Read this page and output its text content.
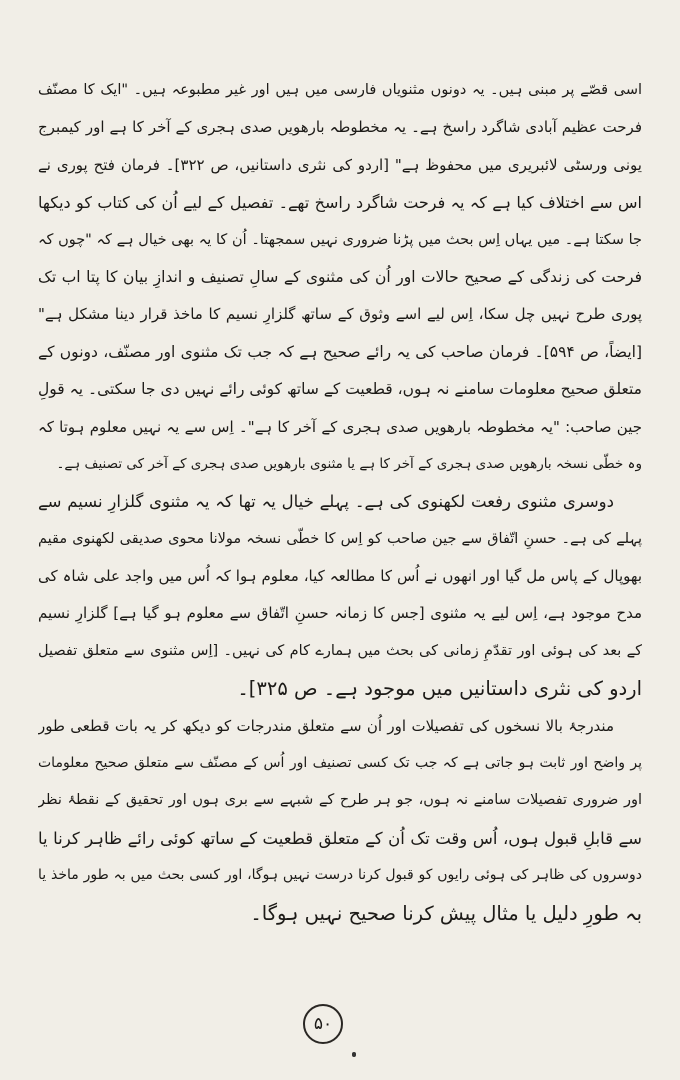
اسی قصّے پر مبنی ہیں۔ یہ دونوں مثنویاں فارسی میں ہیں اور غیر مطبوعہ ہیں۔ "ایک کا مصنّف
فرحت عظیم آبادی شاگرد راسخ ہے۔ یہ مخطوطہ بارھویں صدی ہجری کے آخر کا ہے اور کیمبرج
یونی ورسٹی لائبریری میں محفوظ ہے" [اردو کی نثری داستانیں، ص ۳۲۲]۔ فرمان فتح پوری نے
اس سے اختلاف کیا ہے کہ یہ فرحت شاگرد راسخ تھے۔ تفصیل کے لیے اُن کی کتاب کو دیکھا
جا سکتا ہے۔ میں یہاں اِس بحث میں پڑنا ضروری نہیں سمجھتا۔ اُن کا یہ بھی خیال ہے کہ "چوں کہ
فرحت کی زندگی کے صحیح حالات اور اُن کی مثنوی کے سالِ تصنیف و اندازِ بیان کا پتا اب تک
پوری طرح نہیں چل سکا، اِس لیے اسے وثوق کے ساتھ گلزارِ نسیم کا ماخذ قرار دینا مشکل ہے"
[ایضاً، ص ۵۹۴]۔ فرمان صاحب کی یہ رائے صحیح ہے کہ جب تک مثنوی اور مصنّف، دونوں کے
متعلق صحیح معلومات سامنے نہ ہوں، قطعیت کے ساتھ کوئی رائے نہیں دی جا سکتی۔ یہ قولِ
جین صاحب: "یہ مخطوطہ بارھویں صدی ہجری کے آخر کا ہے"۔ اِس سے یہ نہیں معلوم ہوتا کہ
وہ خطّی نسخہ بارھویں صدی ہجری کے آخر کا ہے یا مثنوی بارھویں صدی ہجری کے آخر کی تصنیف ہے۔
دوسری مثنوی رفعت لکھنوی کی ہے۔ پہلے خیال یہ تھا کہ یہ مثنوی گلزارِ نسیم سے
پہلے کی ہے۔ حسنِ اتّفاق سے جین صاحب کو اِس کا خطّی نسخہ مولانا محوی صدیقی لکھنوی مقیم
بھوپال کے پاس مل گیا اور انھوں نے اُس کا مطالعہ کیا، معلوم ہوا کہ اُس میں واجد علی شاہ کی
مدح موجود ہے، اِس لیے یہ مثنوی [جس کا زمانہ حسنِ اتّفاق سے معلوم ہو گیا ہے] گلزارِ نسیم
کے بعد کی ہوئی اور تقدّمِ زمانی کی بحث میں ہمارے کام کی نہیں۔ [اِس مثنوی سے متعلق تفصیل
اردو کی نثری داستانیں میں موجود ہے۔ ص ۳۲۵]۔
مندرجۂ بالا نسخوں کی تفصیلات اور اُن سے متعلق مندرجات کو دیکھ کر یہ بات قطعی طور
پر واضح اور ثابت ہو جاتی ہے کہ جب تک کسی تصنیف اور اُس کے مصنّف سے متعلق صحیح معلومات
اور ضروری تفصیلات سامنے نہ ہوں، جو ہر طرح کے شبہے سے بری ہوں اور تحقیق کے نقطۂ نظر
سے قابلِ قبول ہوں، اُس وقت تک اُن کے متعلق قطعیت کے ساتھ کوئی رائے ظاہر کرنا یا
دوسروں کی ظاہر کی ہوئی رایوں کو قبول کرنا درست نہیں ہوگا، اور کسی بحث میں بہ طور ماخذ یا
بہ طورِ دلیل یا مثال پیش کرنا صحیح نہیں ہوگا۔
۵۰
